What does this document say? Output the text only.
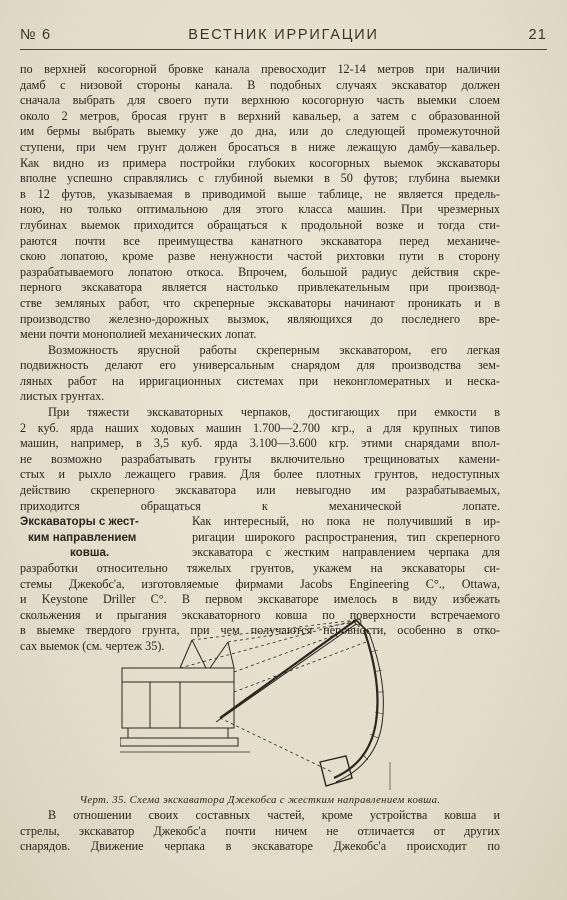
№ 6	ВЕСТНИК ИРРИГАЦИИ	21
по верхней косогорной бровке канала превосходит 12-14 метров при наличии
дамб с низовой стороны канала. В подобных случаях экскаватор должен
сначала выбрать для своего пути верхнюю косогорную часть выемки слоем
около 2 метров, бросая грунт в верхний кавальер, а затем с образованной
им бермы выбрать выемку уже до дна, или до следующей промежуточной
ступени, при чем грунт должен бросаться в ниже лежащую дамбу—кавальер.
Как видно из примера постройки глубоких косогорных выемок экскаваторы
вполне успешно справлялись с глубиной выемки в 50 футов; глубина выемки
в 12 футов, указываемая в приводимой выше таблице, не является предель-
ною, но только оптимальною для этого класса машин. При чрезмерных
глубинах выемок приходится обращаться к продольной возке и тогда сти-
раются почти все преимущества канатного экскаватора перед механиче-
скою лопатою, кроме разве ненужности частой рихтовки пути в сторону
разрабатываемого лопатою откоса. Впрочем, большой радиус действия скре-
перного экскаватора является настолько привлекательным при производ-
стве земляных работ, что скреперные экскаваторы начинают проникать и в
производство железно-дорожных вызмок, являющихся до последнего вре-
мени почти монополией механических лопат.
Возможность ярусной работы скреперным экскаватором, его легкая
подвижность делают его универсальным снарядом для производства зем-
ляных работ на ирригационных системах при неконгломератных и неска-
листых грунтах.
При тяжести экскаваторных черпаков, достигающих при емкости в
2 куб. ярда наших ходовых машин 1.700—2.700 кгр., а для крупных типов
машин, например, в 3,5 куб. ярда 3.100—3.600 кгр. этими снарядами впол-
не возможно разрабатывать грунты включительно трещиноватых камени-
стых и рыхло лежащего гравия. Для более плотных грунтов, недоступных
действию скреперного экскаватора или невыгодно им разрабатываемых,
приходится обращаться к механической лопате.
Экскаваторы с жест-	Как интересный, но пока не получивший в ир-
ким направлением	ригации широкого распространения, тип скреперного
ковша.	экскаватора с жестким направлением черпака для
разработки относительно тяжелых грунтов, укажем на экскаваторы си-
стемы Джекобс'а, изготовляемые фирмами Jacobs Engineering C°., Ottawa,
и Keystone Driller C°. В первом экскаваторе имелось в виду избежать
скольжения и прыгания экскаваторного ковша по поверхности встречаемого
в выемке твердого грунта, при чем получаются неровности, особенно в отко-
сах выемок (см. чертеж 35).
Черт. 35. Схема экскаватора Джекобса с жестким направлением ковша.
В отношении своих составных частей, кроме устройства ковша и
стрелы, экскаватор Джекобс'а почти ничем не отличается от других
снарядов. Движение черпака в экскаваторе Джекобс'а происходит по
